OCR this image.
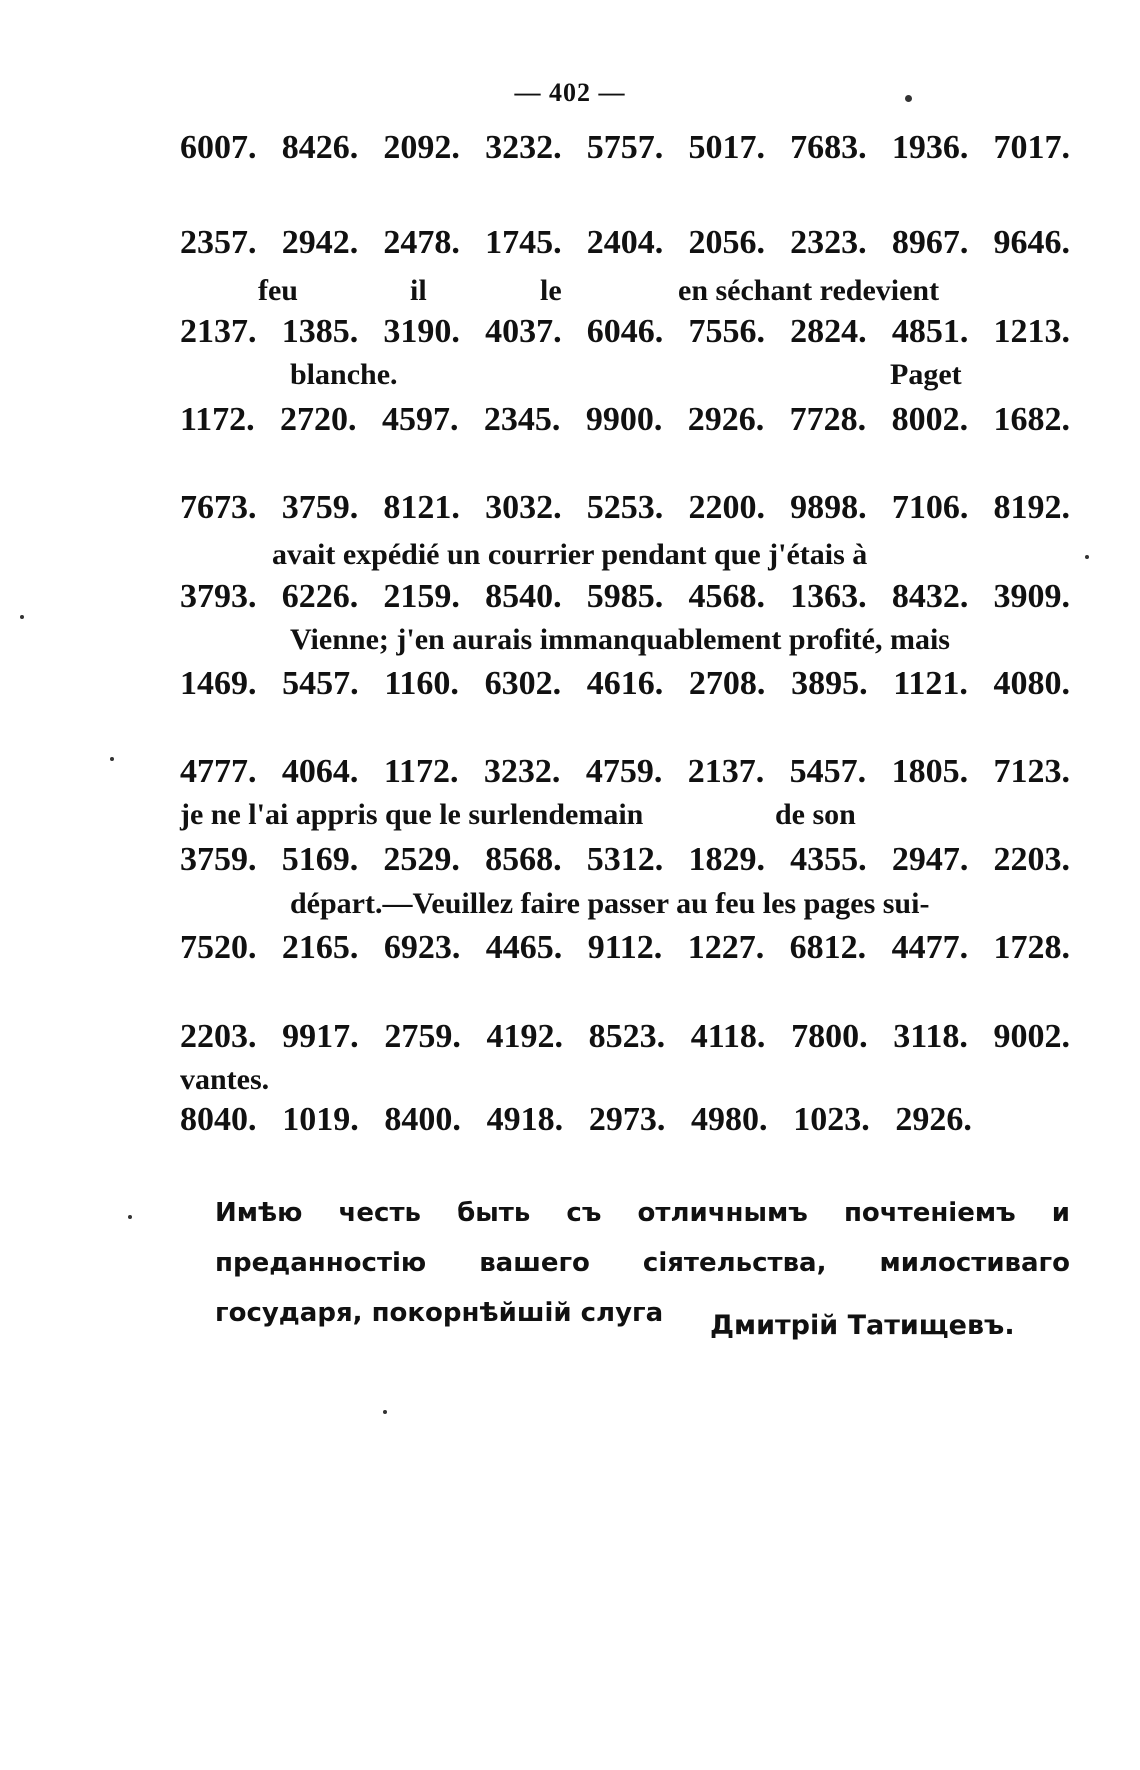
— 402 —
6007. 8426. 2092. 3232. 5757. 5017. 7683. 1936. 7017.
2357. 2942. 2478. 1745. 2404. 2056. 2323. 8967. 9646.
feu	il	le	en séchant redevient
2137. 1385. 3190. 4037. 6046. 7556. 2824. 4851. 1213.
blanche.	Paget
1172. 2720. 4597. 2345. 9900. 2926. 7728. 8002. 1682.
7673. 3759. 8121. 3032. 5253. 2200. 9898. 7106. 8192.
avait expédié un courrier pendant que j'étais à
3793. 6226. 2159. 8540. 5985. 4568. 1363. 8432. 3909.
Vienne; j'en aurais immanquablement profité, mais
1469. 5457. 1160. 6302. 4616. 2708. 3895. 1121. 4080.
4777. 4064. 1172. 3232. 4759. 2137. 5457. 1805. 7123.
je ne l'ai appris que le surlendemain	de son
3759. 5169. 2529. 8568. 5312. 1829. 4355. 2947. 2203.
départ.—Veuillez faire passer au feu les pages sui-
7520. 2165. 6923. 4465. 9112. 1227. 6812. 4477. 1728.
2203. 9917. 2759. 4192. 8523. 4118. 7800. 3118. 9002.
vantes.
8040. 1019. 8400. 4918. 2973. 4980. 1023. 2926.

Имѣю честь быть съ отличнымъ почтеніемъ и преданностію вашего сіятельства, милостиваго государя, покорнѣйшій слуга	Дмитрій Татищевъ.
